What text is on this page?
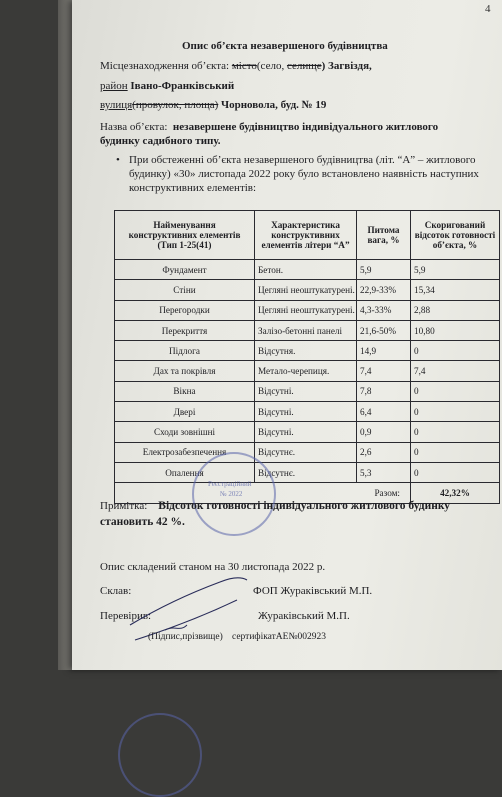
4
Опис об’єкта незавершеного будівництва
Місцезнаходження об’єкта: місто(село, селище) Загвіздя,
район Івано-Франківський
вулиця(провулок, площа) Чорновола, буд. № 19
Назва об’єкта: незавершене будівництво індивідуального житлового
будинку садибного типу.
• При обстеженні об’єкта незавершеного будівництва (літ. “А” – житлового
будинку) «30» листопада 2022 року було встановлено наявність наступних
конструктивних елементів:
Найменування конструктивних елементів (Тип 1-25(41)	Характеристика конструктивних елементів літери “А”	Питома вага, %	Скоригований відсоток готовності об’єкта, %
Фундамент	Бетон.	5,9	5,9
Стіни	Цегляні неоштукатурені.	22,9-33%	15,34
Перегородки	Цегляні неоштукатурені.	4,3-33%	2,88
Перекриття	Залізо-бетонні панелі	21,6-50%	10,80
Підлога	Відсутня.	14,9	0
Дах та покрівля	Метало-черепиця.	7,4	7,4
Вікна	Відсутні.	7,8	0
Двері	Відсутні.	6,4	0
Сходи зовнішні	Відсутні.	0,9	0
Електрозабезпечення	Відсутнє.	2,6	0
Опалення	Відсутнє.	5,3	0
Разом:			42,32%
Реєстраційний
№ 2022
Примітка: Відсоток готовності індивідуального житлового будинку
становить 42 %.
Опис складений станом на 30 листопада 2022 р.
Склав:	ФОП Жураківський М.П.
Перевірив:	Жураківський М.П.
(Підпис,прізвище) сертифікатАЕ№002923
